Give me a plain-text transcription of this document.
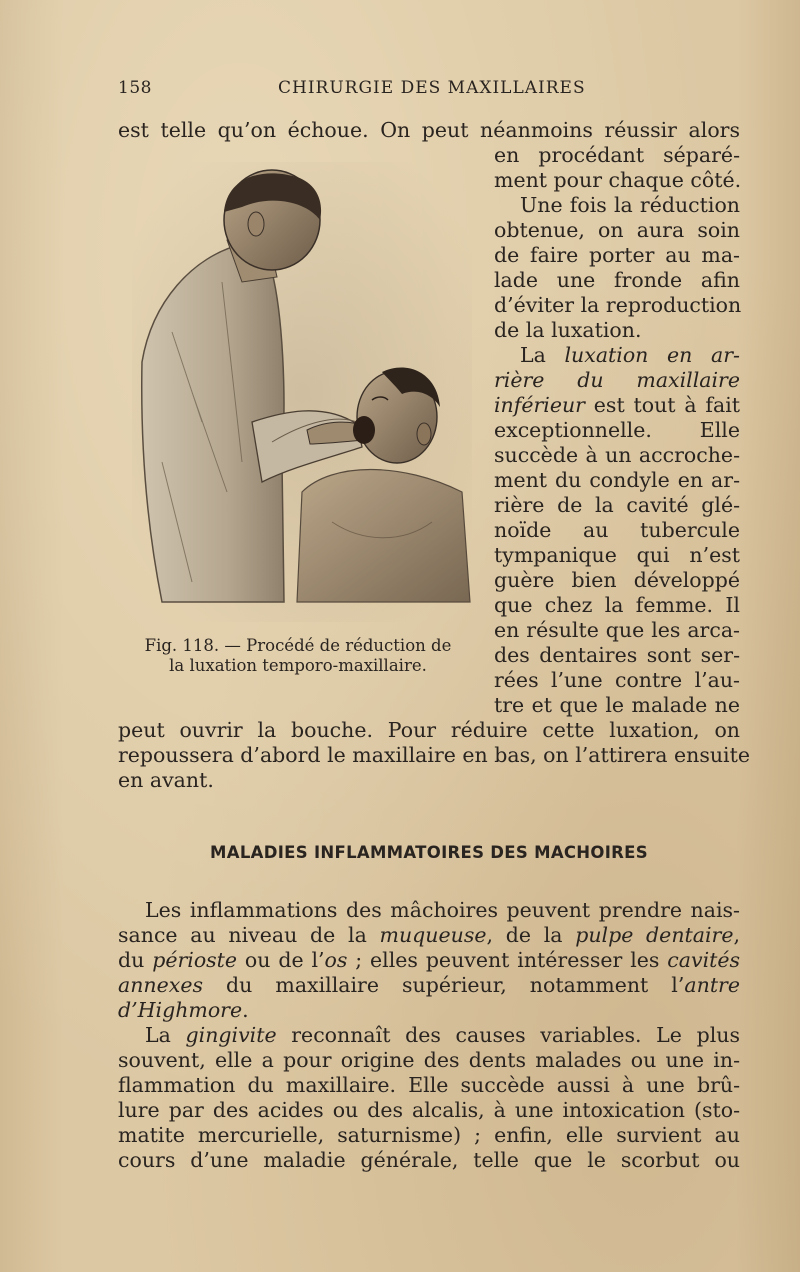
158	CHIRURGIE DES MAXILLAIRES
est telle qu’on échoue. On peut néanmoins réussir alors
en procédant séparé-
ment pour chaque côté.
Une fois la réduction
obtenue, on aura soin
de faire porter au ma-
lade une fronde afin
d’éviter la reproduction
de la luxation.
La luxation en ar-
rière du maxillaire
inférieur est tout à fait
exceptionnelle. Elle
succède à un accroche-
ment du condyle en ar-
rière de la cavité glé-
noïde au tubercule
tympanique qui n’est
guère bien développé
que chez la femme. Il
en résulte que les arca-
des dentaires sont ser-
rées l’une contre l’au-
tre et que le malade ne
peut ouvrir la bouche. Pour réduire cette luxation, on
repoussera d’abord le maxillaire en bas, on l’attirera ensuite
en avant.
Fig. 118. — Procédé de réduction de
la luxation temporo-maxillaire.
MALADIES INFLAMMATOIRES DES MACHOIRES
Les inflammations des mâchoires peuvent prendre nais-
sance au niveau de la muqueuse, de la pulpe dentaire,
du périoste ou de l’os ; elles peuvent intéresser les cavités
annexes du maxillaire supérieur, notamment l’antre
d’Highmore.
La gingivite reconnaît des causes variables. Le plus
souvent, elle a pour origine des dents malades ou une in-
flammation du maxillaire. Elle succède aussi à une brû-
lure par des acides ou des alcalis, à une intoxication (sto-
matite mercurielle, saturnisme) ; enfin, elle survient au
cours d’une maladie générale, telle que le scorbut ou
